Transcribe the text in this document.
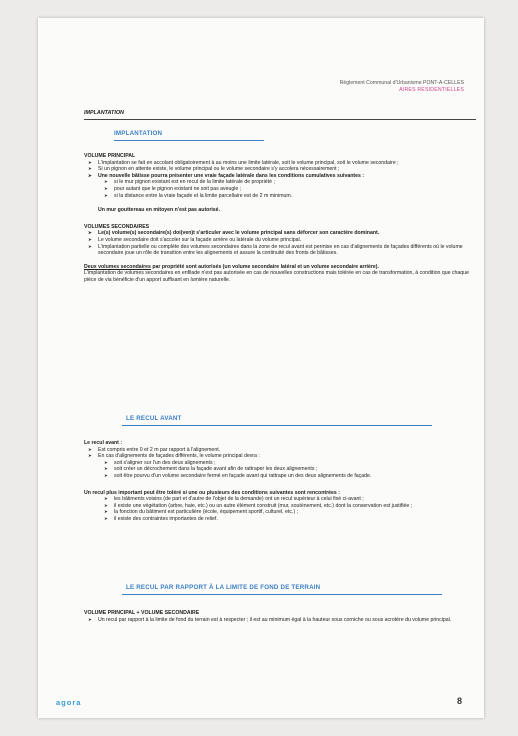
Règlement Communal d'Urbanisme PONT-A-CELLES
AIRES RESIDENTIELLES
IMPLANTATION
IMPLANTATION
VOLUME PRINCIPAL
➤ L'implantation se fait en accolant obligatoirement à au moins une limite latérale, soit le volume principal, soit le volume secondaire ;
➤ Si un pignon en attente existe, le volume principal ou le volume secondaire s'y accolera nécessairement ;
➤ Une nouvelle bâtisse pourra présenter une vraie façade latérale dans les conditions cumulatives suivantes :
➤ si le mur pignon existant est en recul de la limite latérale de propriété ;
➤ pour autant que le pignon existant ne soit pas aveugle ;
➤ si la distance entre la vraie façade et la limite parcellaire est de 2 m minimum.
Un mur gouttereau en mitoyen n'est pas autorisé.
VOLUMES SECONDAIRES
➤ Le(s) volume(s) secondaire(s) doi(ven)t s'articuler avec le volume principal sans déforcer son caractère dominant.
➤ Le volume secondaire doit s'accoler sur la façade arrière ou latérale du volume principal.
➤ L'implantation partielle ou complète des volumes secondaires dans la zone de recul avant est permise en cas d'alignements de façades différents où le volume secondaire joue un rôle de transition entre les alignements et assure la continuité des fronts de bâtisses.
Deux volumes secondaires par propriété sont autorisés (un volume secondaire latéral et un volume secondaire arrière).
L'implantation de volumes secondaires en enfilade n'est pas autorisée en cas de nouvelles constructions mais tolérée en cas de transformation, à condition que chaque pièce de via bénéficie d'un apport suffisant en lumière naturelle.
LE RECUL AVANT
Le recul avant :
➤ Est compris entre 0 et 2 m par rapport à l'alignement.
➤ En cas d'alignements de façades différents, le volume principal devra :
➤ soit s'aligner sur l'un des deux alignements ;
➤ soit créer un décrochement dans la façade avant afin de rattraper les deux alignements ;
➤ soit être pourvu d'un volume secondaire fermé en façade avant qui rattrape un des deux alignements de façade.
Un recul plus important peut être toléré si une ou plusieurs des conditions suivantes sont rencontrées :
➤ les bâtiments voisins (de part et d'autre de l'objet de la demande) ont un recul supérieur à celui fixé ci-avant ;
➤ il existe une végétation (arbre, haie, etc.) ou un autre élément construit (mur, soutènement, etc.) dont la conservation est justifiée ;
➤ la fonction du bâtiment est particulière (école, équipement sportif, culturel, etc.) ;
➤ il existe des contraintes importantes de relief.
LE RECUL PAR RAPPORT À LA LIMITE DE FOND DE TERRAIN
VOLUME PRINCIPAL + VOLUME SECONDAIRE
➤ Un recul par rapport à la limite de fond du terrain est à respecter ; il est au minimum égal à la hauteur sous corniche ou sous acrotère du volume principal.
agora	8
